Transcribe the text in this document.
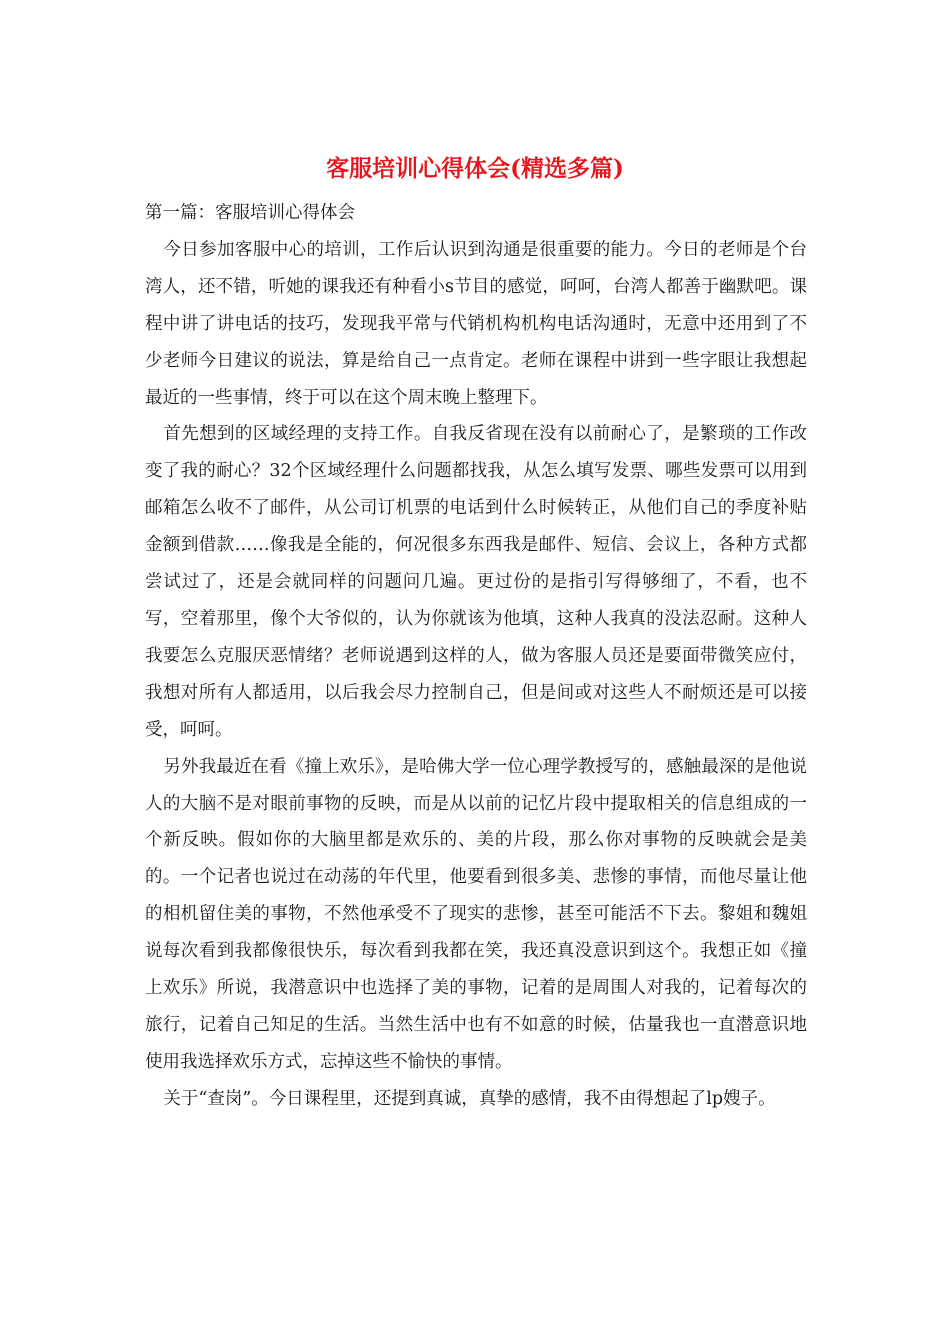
客服培训心得体会(精选多篇)
第一篇：客服培训心得体会

今日参加客服中心的培训，工作后认识到沟通是很重要的能力。今日的老师是个台湾人，还不错，听她的课我还有种看小s节目的感觉，呵呵，台湾人都善于幽默吧。课程中讲了讲电话的技巧，发现我平常与代销机构机构电话沟通时，无意中还用到了不少老师今日建议的说法，算是给自己一点肯定。老师在课程中讲到一些字眼让我想起最近的一些事情，终于可以在这个周末晚上整理下。

首先想到的区域经理的支持工作。自我反省现在没有以前耐心了，是繁琐的工作改变了我的耐心？32个区域经理什么问题都找我，从怎么填写发票、哪些发票可以用到邮箱怎么收不了邮件，从公司订机票的电话到什么时候转正，从他们自己的季度补贴金额到借款……像我是全能的，何况很多东西我是邮件、短信、会议上，各种方式都尝试过了，还是会就同样的问题问几遍。更过份的是指引写得够细了，不看，也不写，空着那里，像个大爷似的，认为你就该为他填，这种人我真的没法忍耐。这种人我要怎么克服厌恶情绪？老师说遇到这样的人，做为客服人员还是要面带微笑应付，我想对所有人都适用，以后我会尽力控制自己，但是间或对这些人不耐烦还是可以接受，呵呵。

另外我最近在看《撞上欢乐》，是哈佛大学一位心理学教授写的，感触最深的是他说人的大脑不是对眼前事物的反映，而是从以前的记忆片段中提取相关的信息组成的一个新反映。假如你的大脑里都是欢乐的、美的片段，那么你对事物的反映就会是美的。一个记者也说过在动荡的年代里，他要看到很多美、悲惨的事情，而他尽量让他的相机留住美的事物，不然他承受不了现实的悲惨，甚至可能活不下去。黎姐和魏姐说每次看到我都像很快乐，每次看到我都在笑，我还真没意识到这个。我想正如《撞上欢乐》所说，我潜意识中也选择了美的事物，记着的是周围人对我的，记着每次的旅行，记着自己知足的生活。当然生活中也有不如意的时候，估量我也一直潜意识地使用我选择欢乐方式，忘掉这些不愉快的事情。

关于“查岗”。今日课程里，还提到真诚，真挚的感情，我不由得想起了lp嫂子。
